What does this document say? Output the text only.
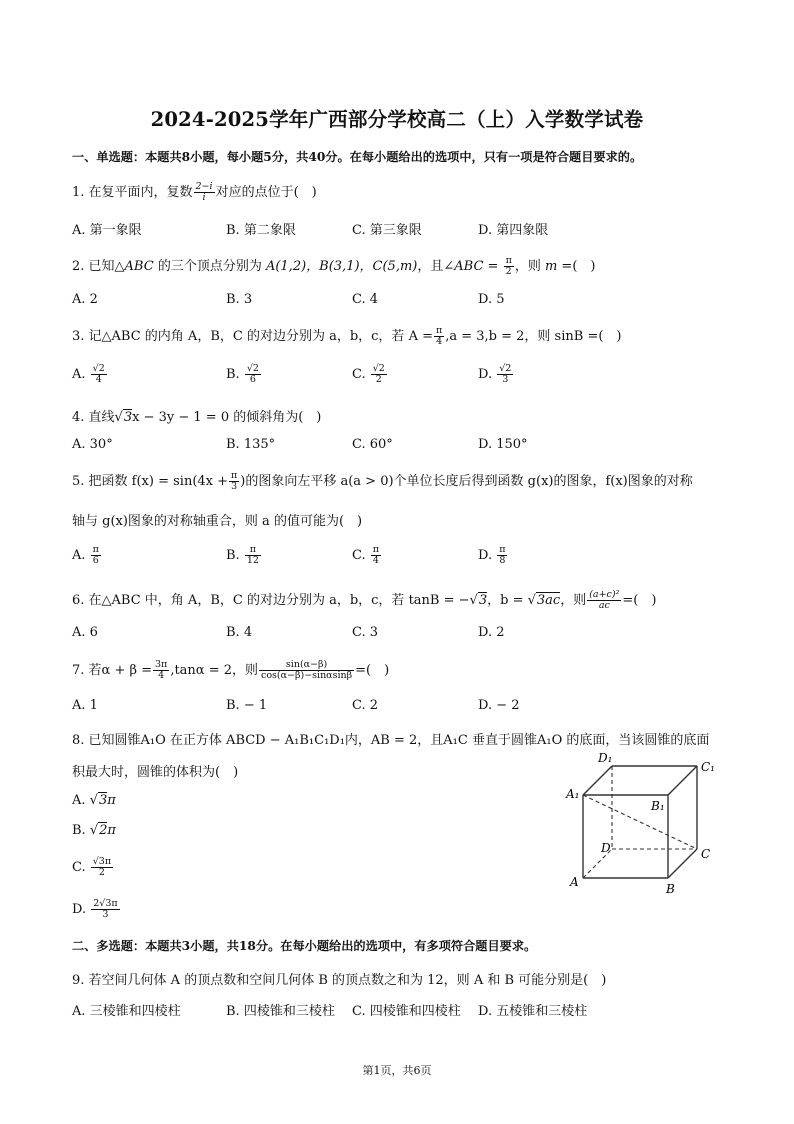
2024-2025学年广西部分学校高二（上）入学数学试卷
一、单选题：本题共8小题，每小题5分，共40分。在每小题给出的选项中，只有一项是符合题目要求的。
1. 在复平面内，复数 $\frac{2-i}{i}$ 对应的点位于(　)
A. 第一象限	B. 第二象限	C. 第三象限	D. 第四象限
2. 已知△ABC 的三个顶点分别为 A(1,2)，B(3,1)，C(5,m)，且∠ABC = $\frac{\pi}{2}$ ，则 m =(　)
A. 2	B. 3	C. 4	D. 5
3. 记△ABC 的内角 A，B，C 的对边分别为 a，b，c，若 $A = \frac{\pi}{4} ,a = 3,b = 2$，则 sinB =(　)
A. $\frac{√2}{4}$	B. $\frac{√2}{6}$	C. $\frac{√2}{2}$	D. $\frac{√2}{3}$
4. 直线√3x − 3y − 1 = 0 的倾斜角为(　)
A. 30°	B. 135°	C. 60°	D. 150°
5. 把函数 $f(x) = \sin(4x + \frac{\pi}{3}$ )的图象向左平移 a(a > 0)个单位长度后得到函数 g(x)的图象，f(x)图象的对称
轴与 g(x)图象的对称轴重合，则 a 的值可能为(　)
A. $\frac{\pi}{6}$	B. $\frac{\pi}{12}$	C. $\frac{\pi}{4}$	D. $\frac{\pi}{8}$
6. 在△ABC 中，角 A，B，C 的对边分别为 a，b，c，若 tanB = −√3，b = √3ac，则 $\frac{\text{(a+c)²}}{ac}$ =(　)
A. 6	B. 4	C. 3	D. 2
7. 若$\alpha + \beta = \frac{3\pi}{4} ,\tan\alpha = 2$，则 $\frac{\sin(\alpha-\beta)}{\cos(\alpha-\beta)-\sin\alpha\sin\beta}$ =(　)
A. 1	B. − 1	C. 2	D. − 2
8. 已知圆锥A₁O 在正方体 ABCD − A₁B₁C₁D₁内，AB = 2，且A₁C 垂直于圆锥A₁O 的底面，当该圆锥的底面
积最大时，圆锥的体积为(　)
A. √3π
B. √2π
C. $\frac{√3\pi}{2}$
D. $\frac{2√3\pi}{3}$
D₁
C₁
A₁
B₁
D	C
A	B
二、多选题：本题共3小题，共18分。在每小题给出的选项中，有多项符合题目要求。
9. 若空间几何体 A 的顶点数和空间几何体 B 的顶点数之和为 12，则 A 和 B 可能分别是(　)
A. 三棱锥和四棱柱	B. 四棱锥和三棱柱 C. 四棱锥和四棱柱 D. 五棱锥和三棱柱
第1页，共6页
